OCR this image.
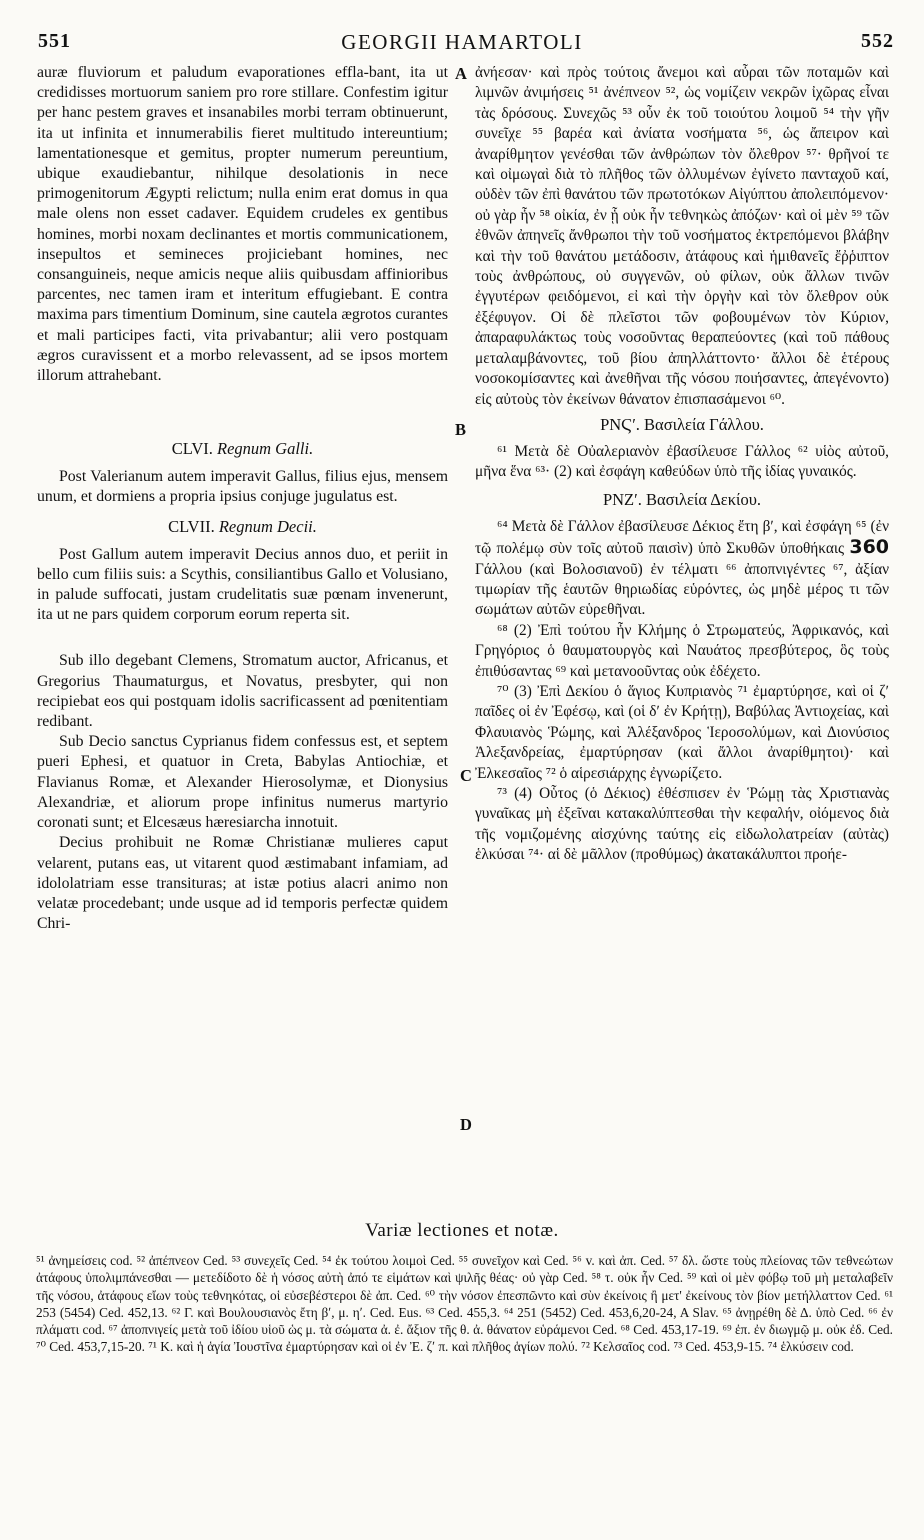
551	GEORGII HAMARTOLI	552
A
B
C
D

auræ fluviorum et paludum evaporationes effla-bant, ita ut credidisses mortuorum saniem pro rore stillare. Confestim igitur per hanc pestem graves et insanabiles morbi terram obtinuerunt, ita ut infinita et innumerabilis fieret multitudo intereuntium; lamentationesque et gemitus, propter numerum pereuntium, ubique exaudiebantur, nihilque desolationis in nece primogenitorum Ægypti relictum; nulla enim erat domus in qua male olens non esset cadaver. Equidem crudeles ex gentibus homines, morbi noxam declinantes et mortis communicationem, insepultos et semineces projiciebant homines, nec consanguineis, neque amicis neque aliis quibusdam affinioribus parcentes, nec tamen iram et interitum effugiebant. E contra maxima pars timentium Dominum, sine cautela ægrotos curantes et mali participes facti, vita privabantur; alii vero postquam ægros curavissent et a morbo relevassent, ad se ipsos mortem illorum attrahebant.

CLVI. Regnum Galli.

Post Valerianum autem imperavit Gallus, filius ejus, mensem unum, et dormiens a propria ipsius conjuge jugulatus est.

CLVII. Regnum Decii.

Post Gallum autem imperavit Decius annos duo, et periit in bello cum filiis suis: a Scythis, consiliantibus Gallo et Volusiano, in palude suffocati, justam crudelitatis suæ pœnam invenerunt, ita ut ne pars quidem corporum eorum reperta sit.

Sub illo degebant Clemens, Stromatum auctor, Africanus, et Gregorius Thaumaturgus, et Novatus, presbyter, qui non recipiebat eos qui postquam idolis sacrificassent ad pœnitentiam redibant.

Sub Decio sanctus Cyprianus fidem confessus est, et septem pueri Ephesi, et quatuor in Creta, Babylas Antiochiæ, et Flavianus Romæ, et Alexander Hierosolymæ, et Dionysius Alexandriæ, et aliorum prope infinitus numerus martyrio coronati sunt; et Elcesæus hæresiarcha innotuit.

Decius prohibuit ne Romæ Christianæ mulieres caput velarent, putans eas, ut vitarent quod æstimabant infamiam, ad idololatriam esse transituras; at istæ potius alacri animo non velatæ procedebant; unde usque ad id temporis perfectæ quidem Chri-

ἀνήεσαν· καὶ πρὸς τούτοις ἄνεμοι καὶ αὖραι τῶν ποταμῶν καὶ λιμνῶν ἀνιμήσεις ⁵¹ ἀνέπνεον ⁵², ὡς νομίζειν νεκρῶν ἰχῶρας εἶναι τὰς δρόσους. Συνεχῶς ⁵³ οὖν ἐκ τοῦ τοιούτου λοιμοῦ ⁵⁴ τὴν γῆν συνεῖχε ⁵⁵ βαρέα καὶ ἀνίατα νοσήματα ⁵⁶, ὡς ἄπειρον καὶ ἀναρίθμητον γενέσθαι τῶν ἀνθρώπων τὸν ὄλεθρον ⁵⁷· θρῆνοί τε καὶ οἰμωγαὶ διὰ τὸ πλῆθος τῶν ὀλλυμένων ἐγίνετο πανταχοῦ καί, οὐδὲν τῶν ἐπὶ θανάτου τῶν πρωτοτόκων Αἰγύπτου ἀπολειπόμενον· οὐ γὰρ ἦν ⁵⁸ οἰκία, ἐν ᾗ οὐκ ἦν τεθνηκὼς ἀπόζων· καὶ οἱ μὲν ⁵⁹ τῶν ἐθνῶν ἀπηνεῖς ἄνθρωποι τὴν τοῦ νοσήματος ἐκτρεπόμενοι βλάβην καὶ τὴν τοῦ θανάτου μετάδοσιν, ἀτάφους καὶ ἡμιθανεῖς ἔῤῥιπτον τοὺς ἀνθρώπους, οὐ συγγενῶν, οὐ φίλων, οὐκ ἄλλων τινῶν ἐγγυτέρων φειδόμενοι, εἰ καὶ τὴν ὀργὴν καὶ τὸν ὄλεθρον οὐκ ἐξέφυγον. Οἱ δὲ πλεῖστοι τῶν φοβουμένων τὸν Κύριον, ἀπαραφυλάκτως τοὺς νοσοῦντας θεραπεύοντες (καὶ τοῦ πάθους μεταλαμβάνοντες, τοῦ βίου ἀπηλλάττοντο· ἄλλοι δὲ ἑτέρους νοσοκομίσαντες καὶ ἀνεθῆναι τῆς νόσου ποιήσαντες, ἀπεγένοντο) εἰς αὐτοὺς τὸν ἐκείνων θάνατον ἐπισπασάμενοι ⁶⁰.

ΡΝϚʹ. Βασιλεία Γάλλου.

⁶¹ Μετὰ δὲ Οὐαλεριανὸν ἐβασίλευσε Γάλλος ⁶² υἱὸς αὐτοῦ, μῆνα ἕνα ⁶³· (2) καὶ ἐσφάγη καθεύδων ὑπὸ τῆς ἰδίας γυναικός.

ΡΝΖʹ. Βασιλεία Δεκίου.

⁶⁴ Μετὰ δὲ Γάλλον ἐβασίλευσε Δέκιος ἔτη βʹ, καὶ ἐσφάγη ⁶⁵ (ἐν τῷ πολέμῳ σὺν τοῖς αὐτοῦ παισὶν) ὑπὸ Σκυθῶν ὑποθήκαις 360 Γάλλου (καὶ Βολοσιανοῦ) ἐν τέλματι ⁶⁶ ἀποπνιγέντες ⁶⁷, ἀξίαν τιμωρίαν τῆς ἑαυτῶν θηριωδίας εὑρόντες, ὡς μηδὲ μέρος τι τῶν σωμάτων αὐτῶν εὑρεθῆναι.

⁶⁸ (2) Ἐπὶ τούτου ἦν Κλήμης ὁ Στρωματεύς, Ἀφρικανός, καὶ Γρηγόριος ὁ θαυματουργὸς καὶ Ναυάτος πρεσβύτερος, ὃς τοὺς ἐπιθύσαντας ⁶⁹ καὶ μετανοοῦντας οὐκ ἐδέχετο.

⁷⁰ (3) Ἐπὶ Δεκίου ὁ ἅγιος Κυπριανὸς ⁷¹ ἐμαρτύρησε, καὶ οἱ ζʹ παῖδες οἱ ἐν Ἐφέσῳ, καὶ (οἱ δʹ ἐν Κρήτῃ), Βαβύλας Ἀντιοχείας, καὶ Φλαυιανὸς Ῥώμης, καὶ Ἀλέξανδρος Ἱεροσολύμων, καὶ Διονύσιος Ἀλεξανδρείας, ἐμαρτύρησαν (καὶ ἄλλοι ἀναρίθμητοι)· καὶ Ἐλκεσαῖος ⁷² ὁ αἱρεσιάρχης ἐγνωρίζετο.

⁷³ (4) Οὗτος (ὁ Δέκιος) ἐθέσπισεν ἐν Ῥώμῃ τὰς Χριστιανὰς γυναῖκας μὴ ἐξεῖναι κατακαλύπτεσθαι τὴν κεφαλήν, οἰόμενος διὰ τῆς νομιζομένης αἰσχύνης ταύτης εἰς εἰδωλολατρείαν (αὐτὰς) ἑλκύσαι ⁷⁴· αἱ δὲ μᾶλλον (προθύμως) ἀκατακάλυπτοι προήε-

Variæ lectiones et notæ.

⁵¹ ἀνημείσεις cod. ⁵² ἀπέπνεον Ced. ⁵³ συνεχεῖς Ced. ⁵⁴ ἐκ τούτου λοιμοὶ Ced. ⁵⁵ συνεῖχον καὶ Ced. ⁵⁶ v. καὶ ἀπ. Ced. ⁵⁷ δλ. ὥστε τοὺς πλείονας τῶν τεθνεώτων ἀτάφους ὑπολιμπάνεσθαι — μετεδίδοτο δὲ ἡ νόσος αὐτὴ ἀπό τε εἱμάτων καὶ ψιλῆς θέας· οὐ γὰρ Ced. ⁵⁸ τ. οὐκ ἦν Ced. ⁵⁹ καὶ οἱ μὲν φόβῳ τοῦ μὴ μεταλαβεῖν τῆς νόσου, ἀτάφους εἴων τοὺς τεθνηκότας, οἱ εὐσεβέστεροι δὲ ἀπ. Ced. ⁶⁰ τὴν νόσον ἐπεσπῶντο καὶ σὺν ἐκείνοις ἢ μετ' ἐκείνους τὸν βίον μετήλλαττον Ced. ⁶¹ 253 (5454) Ced. 452,13. ⁶² Γ. καὶ Βουλουσιανὸς ἔτη βʹ, μ. ηʹ. Ced. Eus. ⁶³ Ced. 455,3. ⁶⁴ 251 (5452) Ced. 453,6,20-24, A Slav. ⁶⁵ ἀνῃρέθη δὲ Δ. ὑπὸ Ced. ⁶⁶ ἐν πλάματι cod. ⁶⁷ ἀποπνιγείς μετὰ τοῦ ἰδίου υἱοῦ ὡς μ. τὰ σώματα ἀ. ἐ. ἄξιον τῆς θ. ἀ. θάνατον εὑράμενοι Ced. ⁶⁸ Ced. 453,17-19. ⁶⁹ ἐπ. ἐν διωγμῷ μ. οὐκ ἐδ. Ced. ⁷⁰ Ced. 453,7,15-20. ⁷¹ Κ. καὶ ἡ ἁγία Ἰουστῖνα ἐμαρτύρησαν καὶ οἱ ἐν Ἐ. ζʹ π. καὶ πλῆθος ἁγίων πολύ. ⁷² Κελσαῖος cod. ⁷³ Ced. 453,9-15. ⁷⁴ ἑλκύσειν cod.
